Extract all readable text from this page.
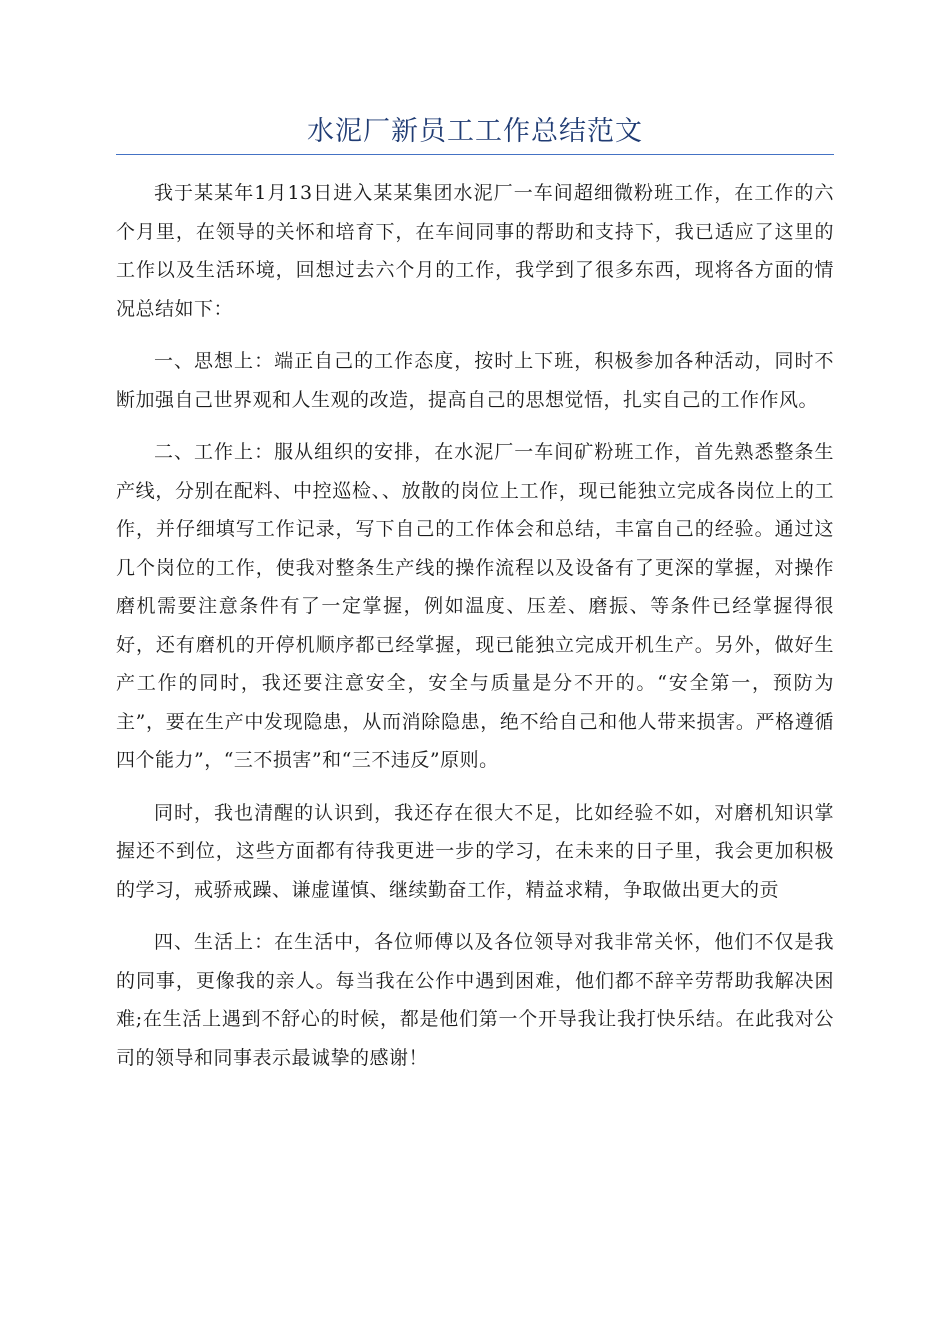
水泥厂新员工工作总结范文

我于某某年1月13日进入某某集团水泥厂一车间超细微粉班工作，在工作的六个月里，在领导的关怀和培育下，在车间同事的帮助和支持下，我已适应了这里的工作以及生活环境，回想过去六个月的工作，我学到了很多东西，现将各方面的情况总结如下：

一、思想上：端正自己的工作态度，按时上下班，积极参加各种活动，同时不断加强自己世界观和人生观的改造，提高自己的思想觉悟，扎实自己的工作作风。

二、工作上：服从组织的安排，在水泥厂一车间矿粉班工作，首先熟悉整条生产线，分别在配料、中控巡检、、放散的岗位上工作，现已能独立完成各岗位上的工作，并仔细填写工作记录，写下自己的工作体会和总结，丰富自己的经验。通过这几个岗位的工作，使我对整条生产线的操作流程以及设备有了更深的掌握，对操作磨机需要注意条件有了一定掌握，例如温度、压差、磨振、等条件已经掌握得很好，还有磨机的开停机顺序都已经掌握，现已能独立完成开机生产。另外，做好生产工作的同时，我还要注意安全，安全与质量是分不开的。“安全第一，预防为主”，要在生产中发现隐患，从而消除隐患，绝不给自己和他人带来损害。严格遵循四个能力”，“三不损害”和“三不违反”原则。

同时，我也清醒的认识到，我还存在很大不足，比如经验不如，对磨机知识掌握还不到位，这些方面都有待我更进一步的学习，在未来的日子里，我会更加积极的学习，戒骄戒躁、谦虚谨慎、继续勤奋工作，精益求精，争取做出更大的贡

四、生活上：在生活中，各位师傅以及各位领导对我非常关怀，他们不仅是我的同事，更像我的亲人。每当我在公作中遇到困难，他们都不辞辛劳帮助我解决困难;在生活上遇到不舒心的时候，都是他们第一个开导我让我打快乐结。在此我对公司的领导和同事表示最诚挚的感谢！
